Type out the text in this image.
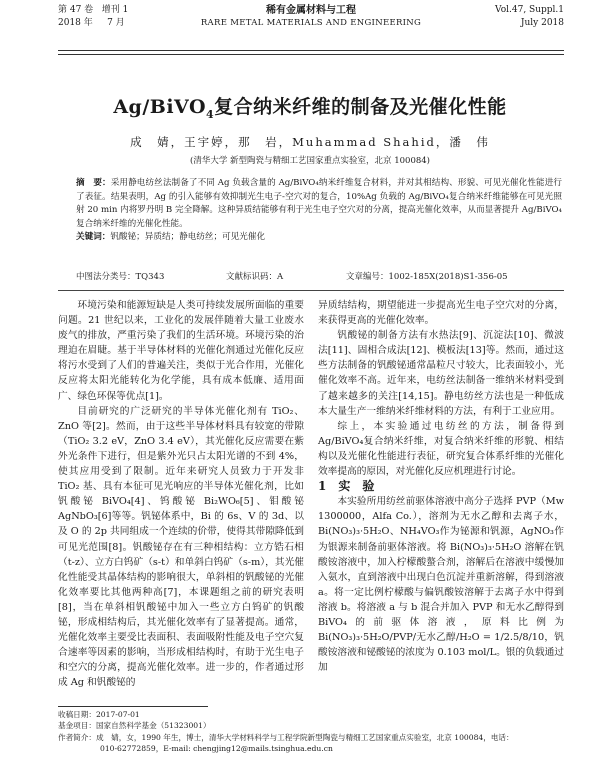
第 47 卷 增刊 1
2018 年 7 月
稀有金属材料与工程
RARE METAL MATERIALS AND ENGINEERING
Vol.47, Suppl.1
July 2018
Ag/BiVO$_4$复合纳米纤维的制备及光催化性能
成　婧，王宇婷，那　岩，Muhammad Shahid，潘　伟
(清华大学 新型陶瓷与精细工艺国家重点实验室，北京 100084)
摘　要：采用静电纺丝法制备了不同 Ag 负载含量的 Ag/BiVO₄纳米纤维复合材料，并对其相结构、形貌、可见光催化性能进行了表征。结果表明，Ag 的引入能够有效抑制光生电子-空穴对的复合，10%Ag 负载的 Ag/BiVO₄复合纳米纤维能够在可见光照射 20 min 内将罗丹明 B 完全降解。这种异质结能够有利于光生电子空穴对的分离，提高光催化效率，从而显著提升 Ag/BiVO₄复合纳米纤维的光催化性能。
关键词：钒酸铋；异质结；静电纺丝；可见光催化
中图法分类号：TQ343	文献标识码：A	文章编号：1002-185X(2018)S1-356-05

环境污染和能源短缺是人类可持续发展所面临的重要问题。21 世纪以来，工业化的发展伴随着大量工业废水废气的排放，严重污染了我们的生活环境。环境污染的治理迫在眉睫。基于半导体材料的光催化剂通过光催化反应将污水受到了人们的普遍关注，类似于光合作用，光催化反应将太阳光能转化为化学能，具有成本低廉、适用面广、绿色环保等优点[1]。

目前研究的广泛研究的半导体光催化剂有 TiO₂、ZnO 等[2]。然而，由于这些半导体材料具有较宽的带隙（TiO₂ 3.2 eV，ZnO 3.4 eV），其光催化反应需要在紫外光条件下进行，但是紫外光只占太阳光谱的不到 4%，使其应用受到了限制。近年来研究人员致力于开发非 TiO₂ 基、具有本征可见光响应的半导体光催化剂，比如钒酸铋 BiVO₄[4]、钨酸铋 Bi₂WO₆[5]、钼酸铋 AgNbO₃[6]等等。钒铋体系中，Bi 的 6s、V 的 3d、以及 O 的 2p 共同组成一个连续的价带，使得其带隙降低到可见光范围[8]。钒酸铋存在有三种相结构：立方锆石相（t-z）、立方白钨矿（s-t）和单斜白钨矿（s-m），其光催化性能受其晶体结构的影响很大，单斜相的钒酸铋的光催化效率要比其他两种高[7]，本课题组之前的研究表明[8]，当在单斜相钒酸铋中加入一些立方白钨矿的钒酸铋，形成相结构后，其光催化效率有了显著提高。通常，光催化效率主要受比表面积、表面吸附性能及电子空穴复合速率等因素的影响，当形成相结构时，有助于光生电子和空穴的分离，提高光催化效率。进一步的，作者通过形成 Ag 和钒酸铋的

异质结结构，期望能进一步提高光生电子空穴对的分离，来获得更高的光催化效率。

钒酸铋的制备方法有水热法[9]、沉淀法[10]、微波法[11]、固相合成法[12]、模板法[13]等。然而，通过这些方法制备的钒酸铋通常晶粒尺寸较大，比表面较小，光催化效率不高。近年来，电纺丝法制备一维纳米材料受到了越来越多的关注[14,15]。静电纺丝方法也是一种低成本大量生产一维纳米纤维材料的方法，有利于工业应用。

综上，本实验通过电纺丝的方法，制备得到 Ag/BiVO₄复合纳米纤维，对复合纳米纤维的形貌、相结构以及光催化性能进行表征，研究复合体系纤维的光催化效率提高的原因，对光催化反应机理进行讨论。

1　实　验

本实验所用纺丝前驱体溶液中高分子选择 PVP（Mw 1300000，Alfa Co.），溶剂为无水乙醇和去离子水，Bi(NO₃)₃·5H₂O、NH₄VO₃作为铋源和钒源，AgNO₃作为银源来制备前驱体溶液。将 Bi(NO₃)₃·5H₂O 溶解在钒酸铵溶液中，加入柠檬酸螯合剂，溶解后在溶液中缓慢加入氨水，直到溶液中出现白色沉淀并重新溶解，得到溶液 a。将一定比例柠檬酸与偏钒酸铵溶解于去离子水中得到溶液 b。将溶液 a 与 b 混合并加入 PVP 和无水乙醇得到 BiVO₄的前驱体溶液，原料比例为 Bi(NO₃)₃·5H₂O/PVP/无水乙醇/H₂O = 1/2.5/8/10，钒酸铵溶液和铋酸铋的浓度为 0.103 mol/L。银的负载通过加

收稿日期：2017-07-01
基金项目：国家自然科学基金（51323001）
作者简介：成　婧，女，1990 年生，博士，清华大学材料科学与工程学院新型陶瓷与精细工艺国家重点实验室，北京 100084，电话：
010-62772859，E-mail: chengjing12@mails.tsinghua.edu.cn
